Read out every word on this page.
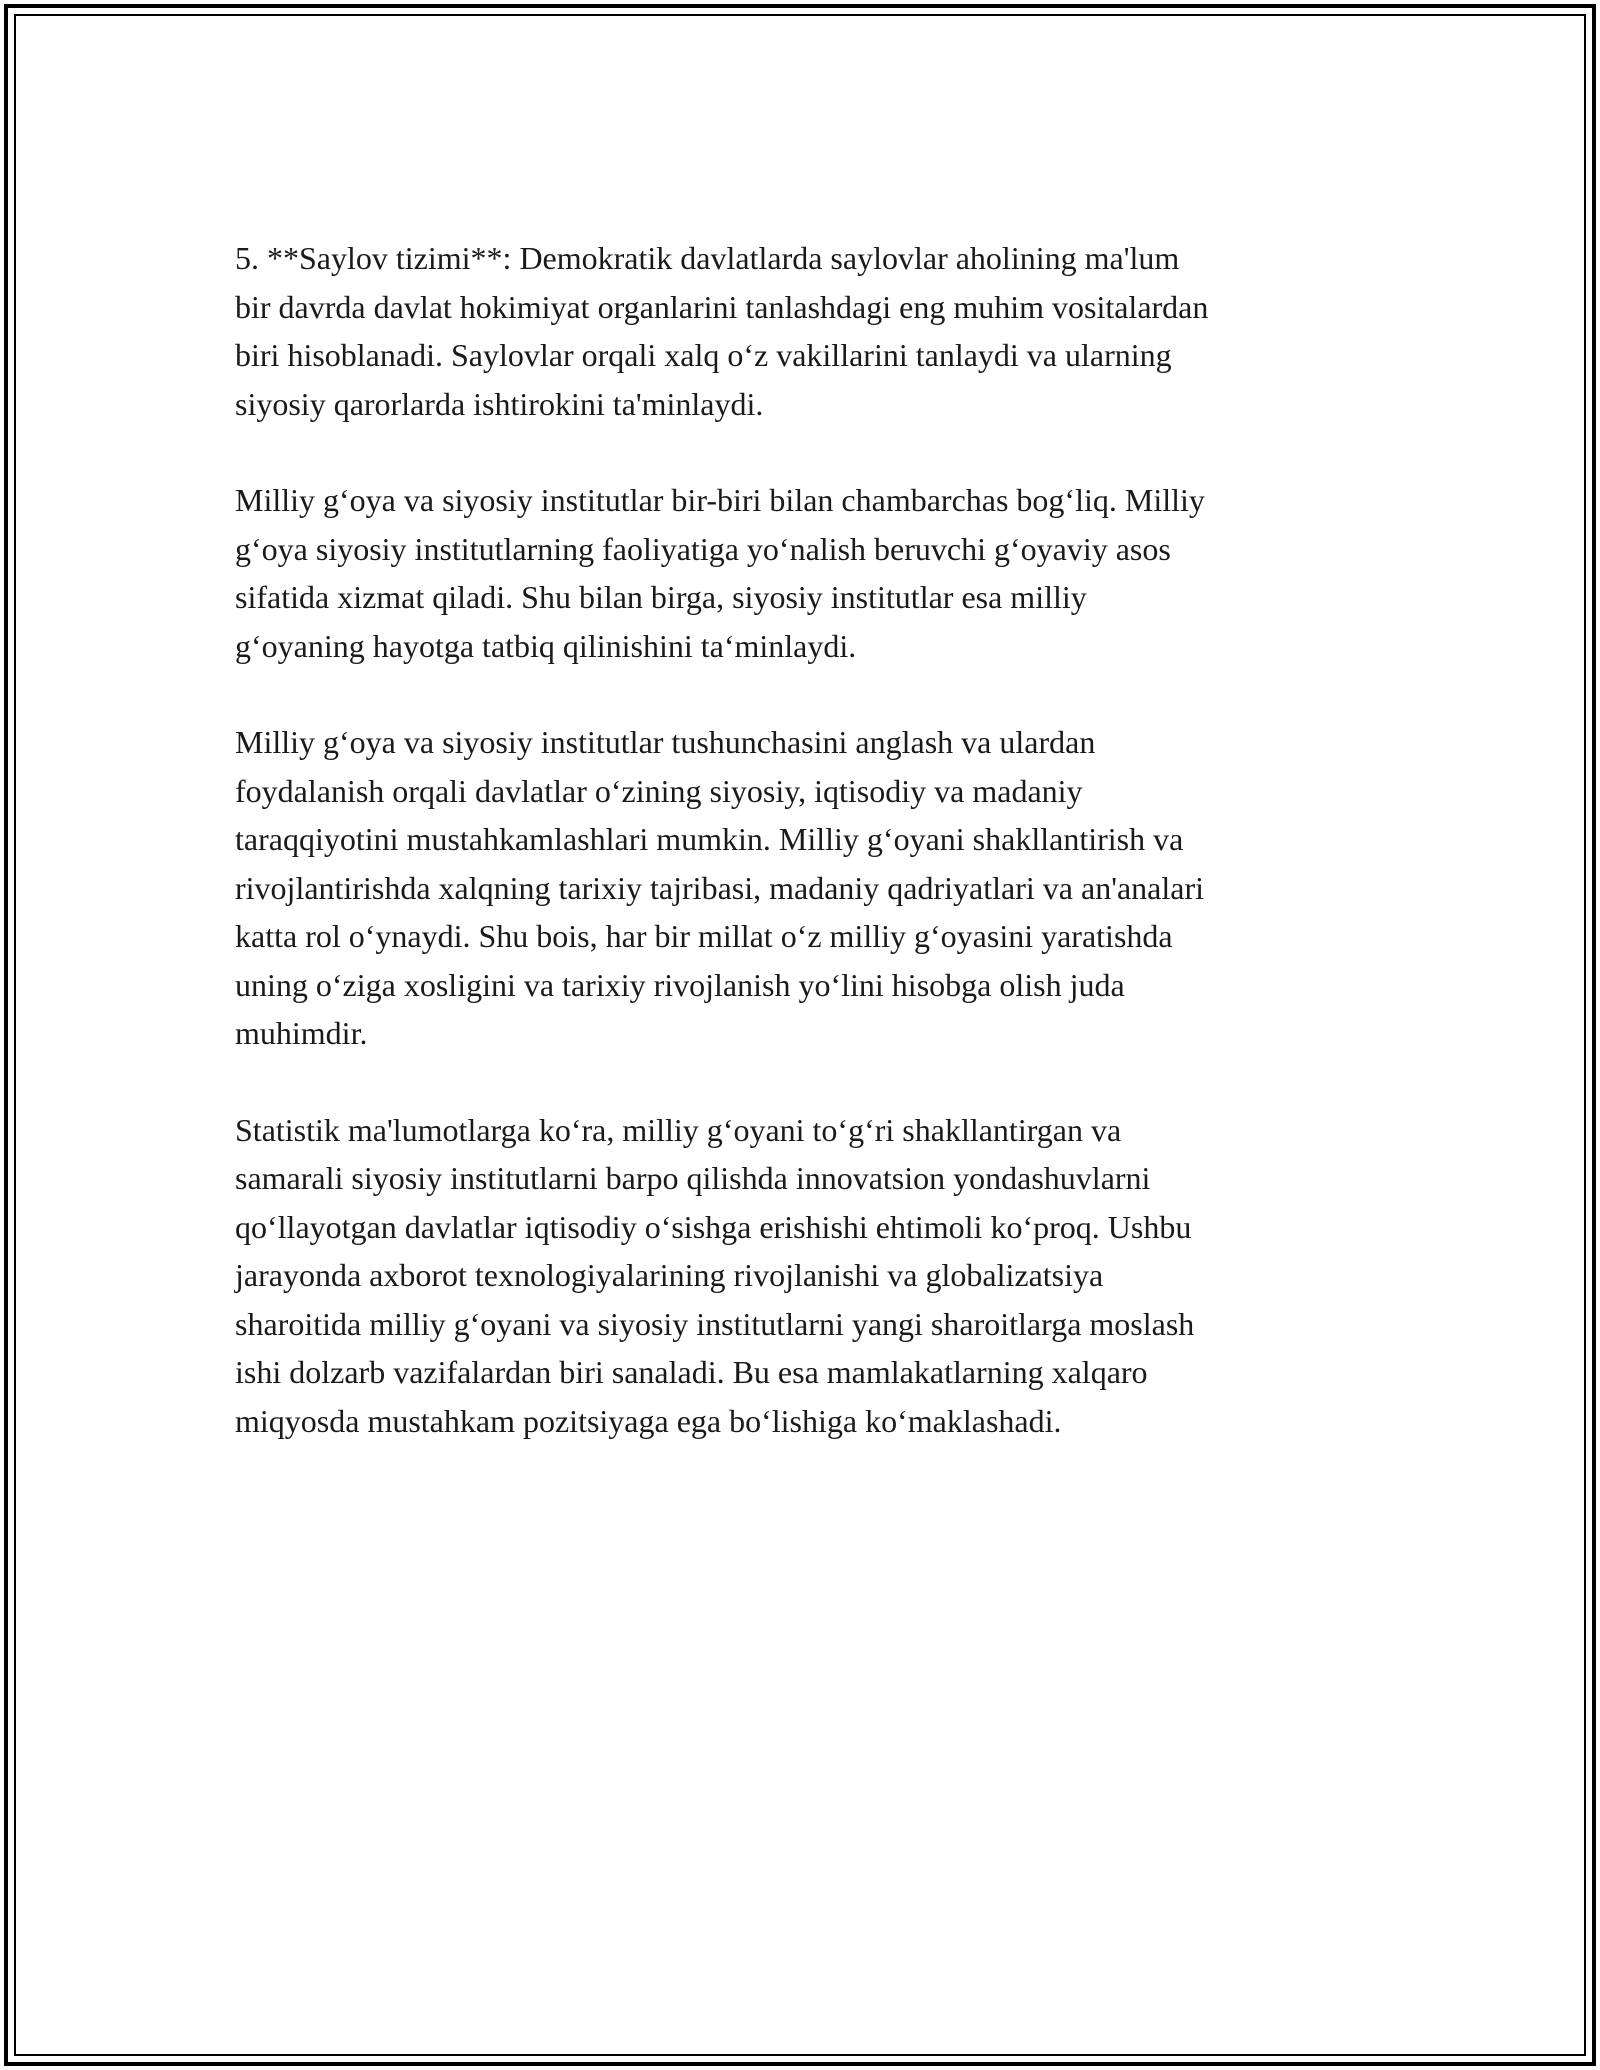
5. **Saylov tizimi**: Demokratik davlatlarda saylovlar aholining ma'lum
bir davrda davlat hokimiyat organlarini tanlashdagi eng muhim vositalardan
biri hisoblanadi. Saylovlar orqali xalq oʻz vakillarini tanlaydi va ularning
siyosiy qarorlarda ishtirokini ta'minlaydi.

Milliy gʻoya va siyosiy institutlar bir-biri bilan chambarchas bogʻliq. Milliy
gʻoya siyosiy institutlarning faoliyatiga yoʻnalish beruvchi gʻoyaviy asos
sifatida xizmat qiladi. Shu bilan birga, siyosiy institutlar esa milliy
gʻoyaning hayotga tatbiq qilinishini taʻminlaydi.

Milliy gʻoya va siyosiy institutlar tushunchasini anglash va ulardan
foydalanish orqali davlatlar oʻzining siyosiy, iqtisodiy va madaniy
taraqqiyotini mustahkamlashlari mumkin. Milliy gʻoyani shakllantirish va
rivojlantirishda xalqning tarixiy tajribasi, madaniy qadriyatlari va an'analari
katta rol oʻynaydi. Shu bois, har bir millat oʻz milliy gʻoyasini yaratishda
uning oʻziga xosligini va tarixiy rivojlanish yoʻlini hisobga olish juda
muhimdir.

Statistik ma'lumotlarga koʻra, milliy gʻoyani toʻgʻri shakllantirgan va
samarali siyosiy institutlarni barpo qilishda innovatsion yondashuvlarni
qoʻllayotgan davlatlar iqtisodiy oʻsishga erishishi ehtimoli koʻproq. Ushbu
jarayonda axborot texnologiyalarining rivojlanishi va globalizatsiya
sharoitida milliy gʻoyani va siyosiy institutlarni yangi sharoitlarga moslash
ishi dolzarb vazifalardan biri sanaladi. Bu esa mamlakatlarning xalqaro
miqyosda mustahkam pozitsiyaga ega boʻlishiga koʻmaklashadi.
